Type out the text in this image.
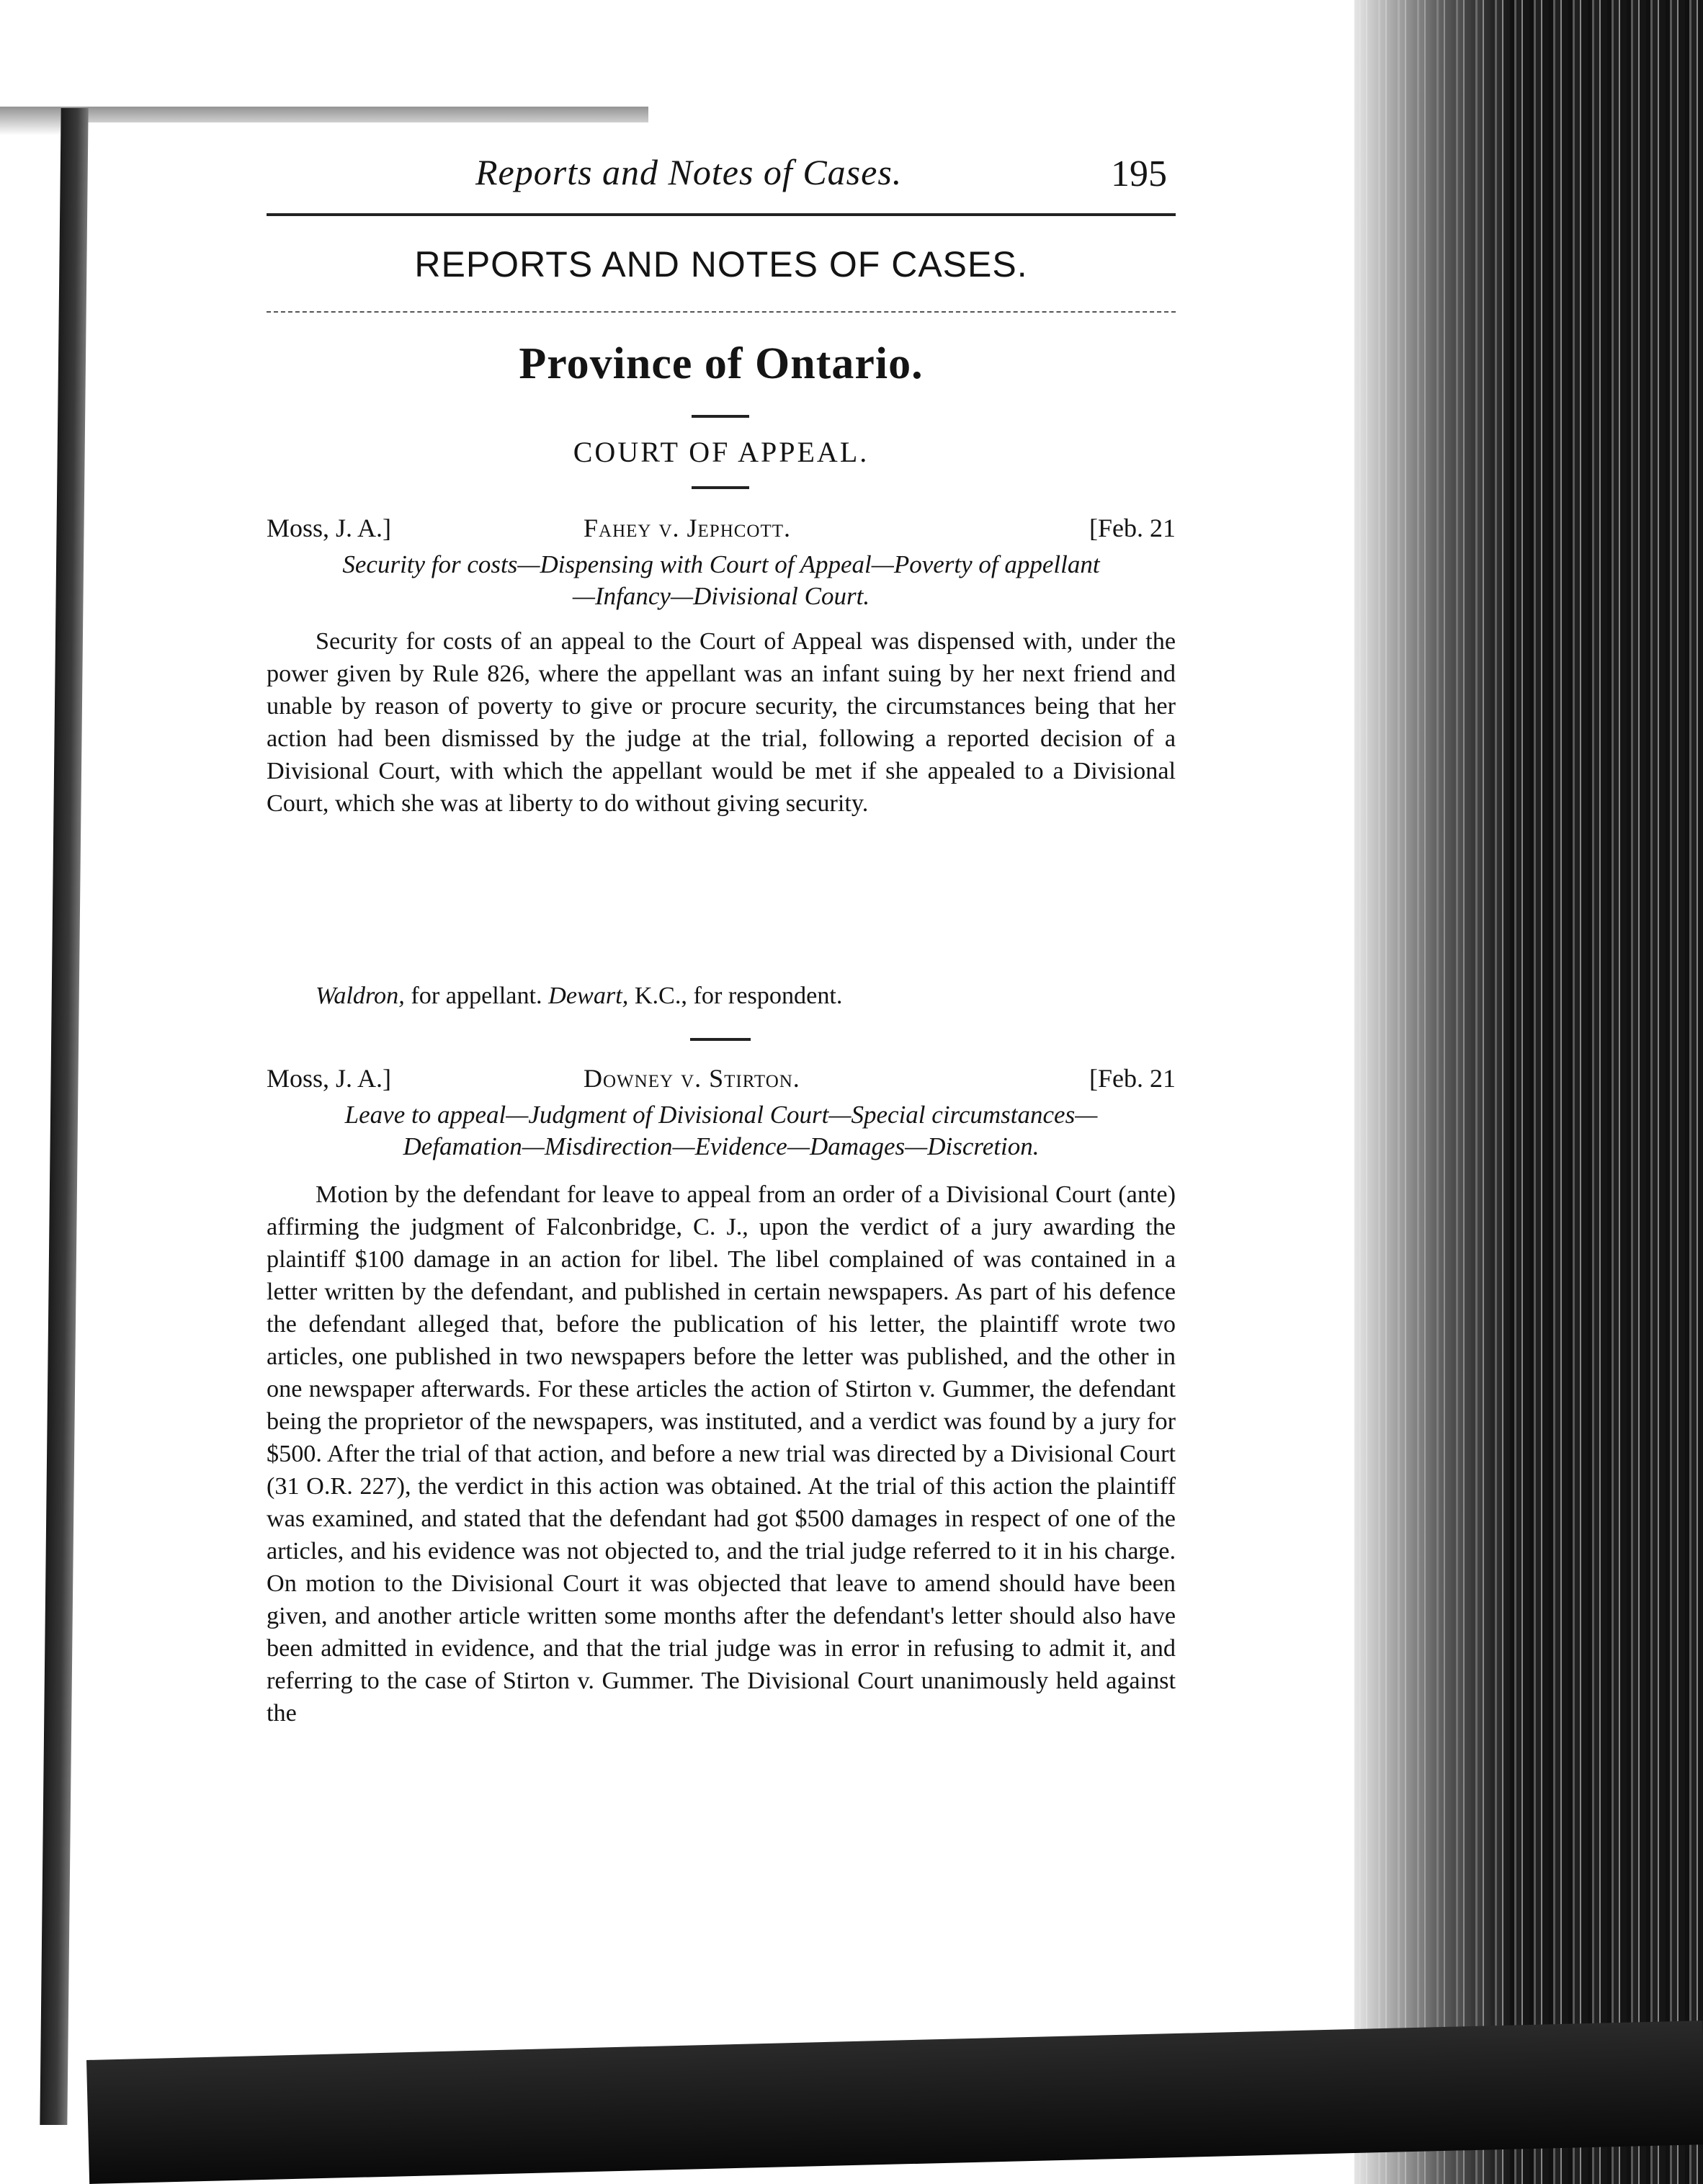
Reports and Notes of Cases.	195
REPORTS AND NOTES OF CASES.
Province of Ontario.
COURT OF APPEAL.
Moss, J. A.]	Fahey v. Jephcott.	[Feb. 21
Security for costs—Dispensing with Court of Appeal—Poverty of appellant
—Infancy—Divisional Court.

Security for costs of an appeal to the Court of Appeal was dispensed with, under the power given by Rule 826, where the appellant was an infant suing by her next friend and unable by reason of poverty to give or procure security, the circumstances being that her action had been dismissed by the judge at the trial, following a reported decision of a Divisional Court, with which the appellant would be met if she appealed to a Divisional Court, which she was at liberty to do without giving security.

Waldron, for appellant. Dewart, K.C., for respondent.
Moss, J. A.]	Downey v. Stirton.	[Feb. 21
Leave to appeal—Judgment of Divisional Court—Special circumstances—
Defamation—Misdirection—Evidence—Damages—Discretion.

Motion by the defendant for leave to appeal from an order of a Divisional Court (ante) affirming the judgment of Falconbridge, C. J., upon the verdict of a jury awarding the plaintiff $100 damage in an action for libel. The libel complained of was contained in a letter written by the defendant, and published in certain newspapers. As part of his defence the defendant alleged that, before the publication of his letter, the plaintiff wrote two articles, one published in two newspapers before the letter was published, and the other in one newspaper afterwards. For these articles the action of Stirton v. Gummer, the defendant being the proprietor of the newspapers, was instituted, and a verdict was found by a jury for $500. After the trial of that action, and before a new trial was directed by a Divisional Court (31 O.R. 227), the verdict in this action was obtained. At the trial of this action the plaintiff was examined, and stated that the defendant had got $500 damages in respect of one of the articles, and his evidence was not objected to, and the trial judge referred to it in his charge. On motion to the Divisional Court it was objected that leave to amend should have been given, and another article written some months after the defendant's letter should also have been admitted in evidence, and that the trial judge was in error in refusing to admit it, and referring to the case of Stirton v. Gummer. The Divisional Court unanimously held against the
